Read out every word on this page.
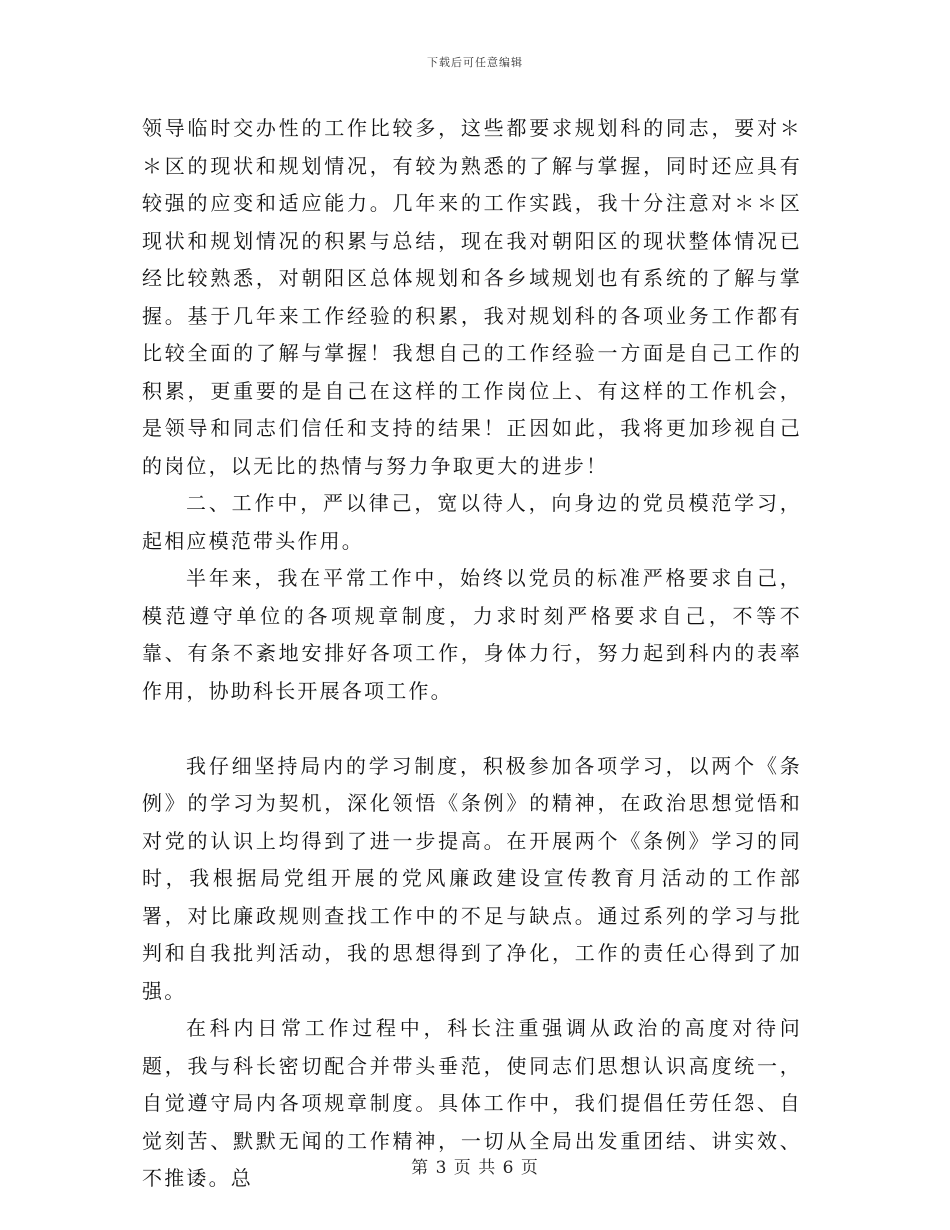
下载后可任意编辑

领导临时交办性的工作比较多，这些都要求规划科的同志，要对＊＊区的现状和规划情况，有较为熟悉的了解与掌握，同时还应具有较强的应变和适应能力。几年来的工作实践，我十分注意对＊＊区现状和规划情况的积累与总结，现在我对朝阳区的现状整体情况已经比较熟悉，对朝阳区总体规划和各乡域规划也有系统的了解与掌握。基于几年来工作经验的积累，我对规划科的各项业务工作都有比较全面的了解与掌握！我想自己的工作经验一方面是自己工作的积累，更重要的是自己在这样的工作岗位上、有这样的工作机会，是领导和同志们信任和支持的结果！正因如此，我将更加珍视自己的岗位，以无比的热情与努力争取更大的进步！

二、工作中，严以律己，宽以待人，向身边的党员模范学习，起相应模范带头作用。

半年来，我在平常工作中，始终以党员的标准严格要求自己，模范遵守单位的各项规章制度，力求时刻严格要求自己，不等不靠、有条不紊地安排好各项工作，身体力行，努力起到科内的表率作用，协助科长开展各项工作。

我仔细坚持局内的学习制度，积极参加各项学习，以两个《条例》的学习为契机，深化领悟《条例》的精神，在政治思想觉悟和对党的认识上均得到了进一步提高。在开展两个《条例》学习的同时，我根据局党组开展的党风廉政建设宣传教育月活动的工作部署，对比廉政规则查找工作中的不足与缺点。通过系列的学习与批判和自我批判活动，我的思想得到了净化，工作的责任心得到了加强。

在科内日常工作过程中，科长注重强调从政治的高度对待问题，我与科长密切配合并带头垂范，使同志们思想认识高度统一，自觉遵守局内各项规章制度。具体工作中，我们提倡任劳任怨、自觉刻苦、默默无闻的工作精神，一切从全局出发重团结、讲实效、不推诿。总	第 3 页 共 6 页
